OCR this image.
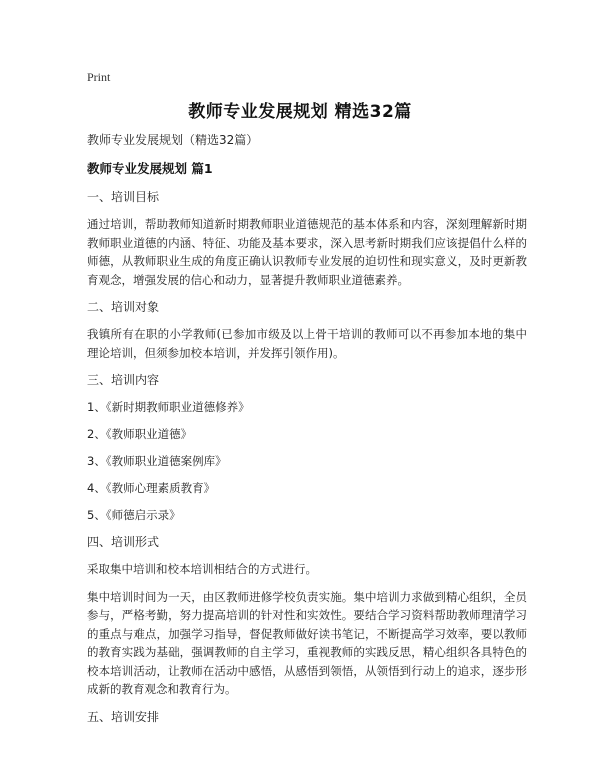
Print
教师专业发展规划 精选32篇
教师专业发展规划（精选32篇）
教师专业发展规划 篇1
一、培训目标
通过培训，帮助教师知道新时期教师职业道德规范的基本体系和内容，深刻理解新时期教师职业道德的内涵、特征、功能及基本要求，深入思考新时期我们应该提倡什么样的师德，从教师职业生成的角度正确认识教师专业发展的迫切性和现实意义，及时更新教育观念，增强发展的信心和动力，显著提升教师职业道德素养。
二、培训对象
我镇所有在职的小学教师(已参加市级及以上骨干培训的教师可以不再参加本地的集中理论培训，但须参加校本培训，并发挥引领作用)。
三、培训内容
1、《新时期教师职业道德修养》
2、《教师职业道德》
3、《教师职业道德案例库》
4、《教师心理素质教育》
5、《师德启示录》
四、培训形式
采取集中培训和校本培训相结合的方式进行。
集中培训时间为一天，由区教师进修学校负责实施。集中培训力求做到精心组织，全员参与，严格考勤，努力提高培训的针对性和实效性。要结合学习资料帮助教师理清学习的重点与难点，加强学习指导，督促教师做好读书笔记，不断提高学习效率，要以教师的教育实践为基础，强调教师的自主学习，重视教师的实践反思，精心组织各具特色的校本培训活动，让教师在活动中感悟，从感悟到领悟，从领悟到行动上的追求，逐步形成新的教育观念和教育行为。
五、培训安排
